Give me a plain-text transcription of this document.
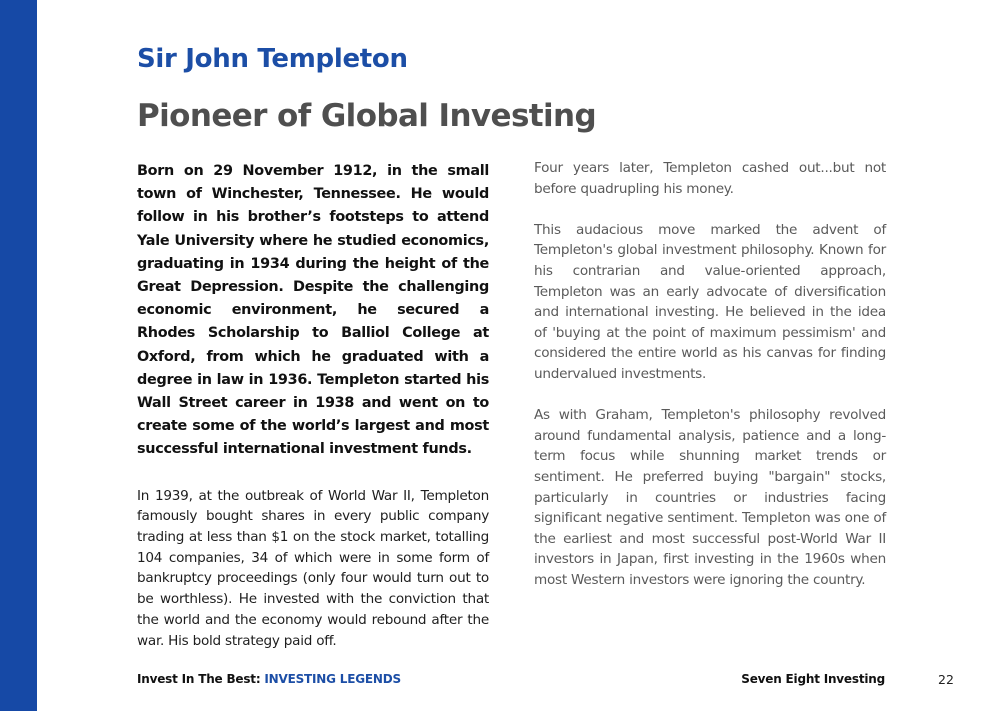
Sir John Templeton
Pioneer of Global Investing

Born on 29 November 1912, in the small town of Winchester, Tennessee. He would follow in his brother’s footsteps to attend Yale University where he studied economics, graduating in 1934 during the height of the Great Depression. Despite the challenging economic environment, he secured a Rhodes Scholarship to Balliol College at Oxford, from which he graduated with a degree in law in 1936. Templeton started his Wall Street career in 1938 and went on to create some of the world’s largest and most successful international investment funds.

In 1939, at the outbreak of World War II, Templeton famously bought shares in every public company trading at less than $1 on the stock market, totalling 104 companies, 34 of which were in some form of bankruptcy proceedings (only four would turn out to be worthless). He invested with the conviction that the world and the economy would rebound after the war. His bold strategy paid off.

Four years later, Templeton cashed out...but not before quadrupling his money.

This audacious move marked the advent of Templeton's global investment philosophy. Known for his contrarian and value-oriented approach, Templeton was an early advocate of diversification and international investing. He believed in the idea of 'buying at the point of maximum pessimism' and considered the entire world as his canvas for finding undervalued investments.

As with Graham, Templeton's philosophy revolved around fundamental analysis, patience and a long-term focus while shunning market trends or sentiment. He preferred buying "bargain" stocks, particularly in countries or industries facing significant negative sentiment. Templeton was one of the earliest and most successful post-World War II investors in Japan, first investing in the 1960s when most Western investors were ignoring the country.

Invest In The Best: INVESTING LEGENDS	Seven Eight Investing	22
